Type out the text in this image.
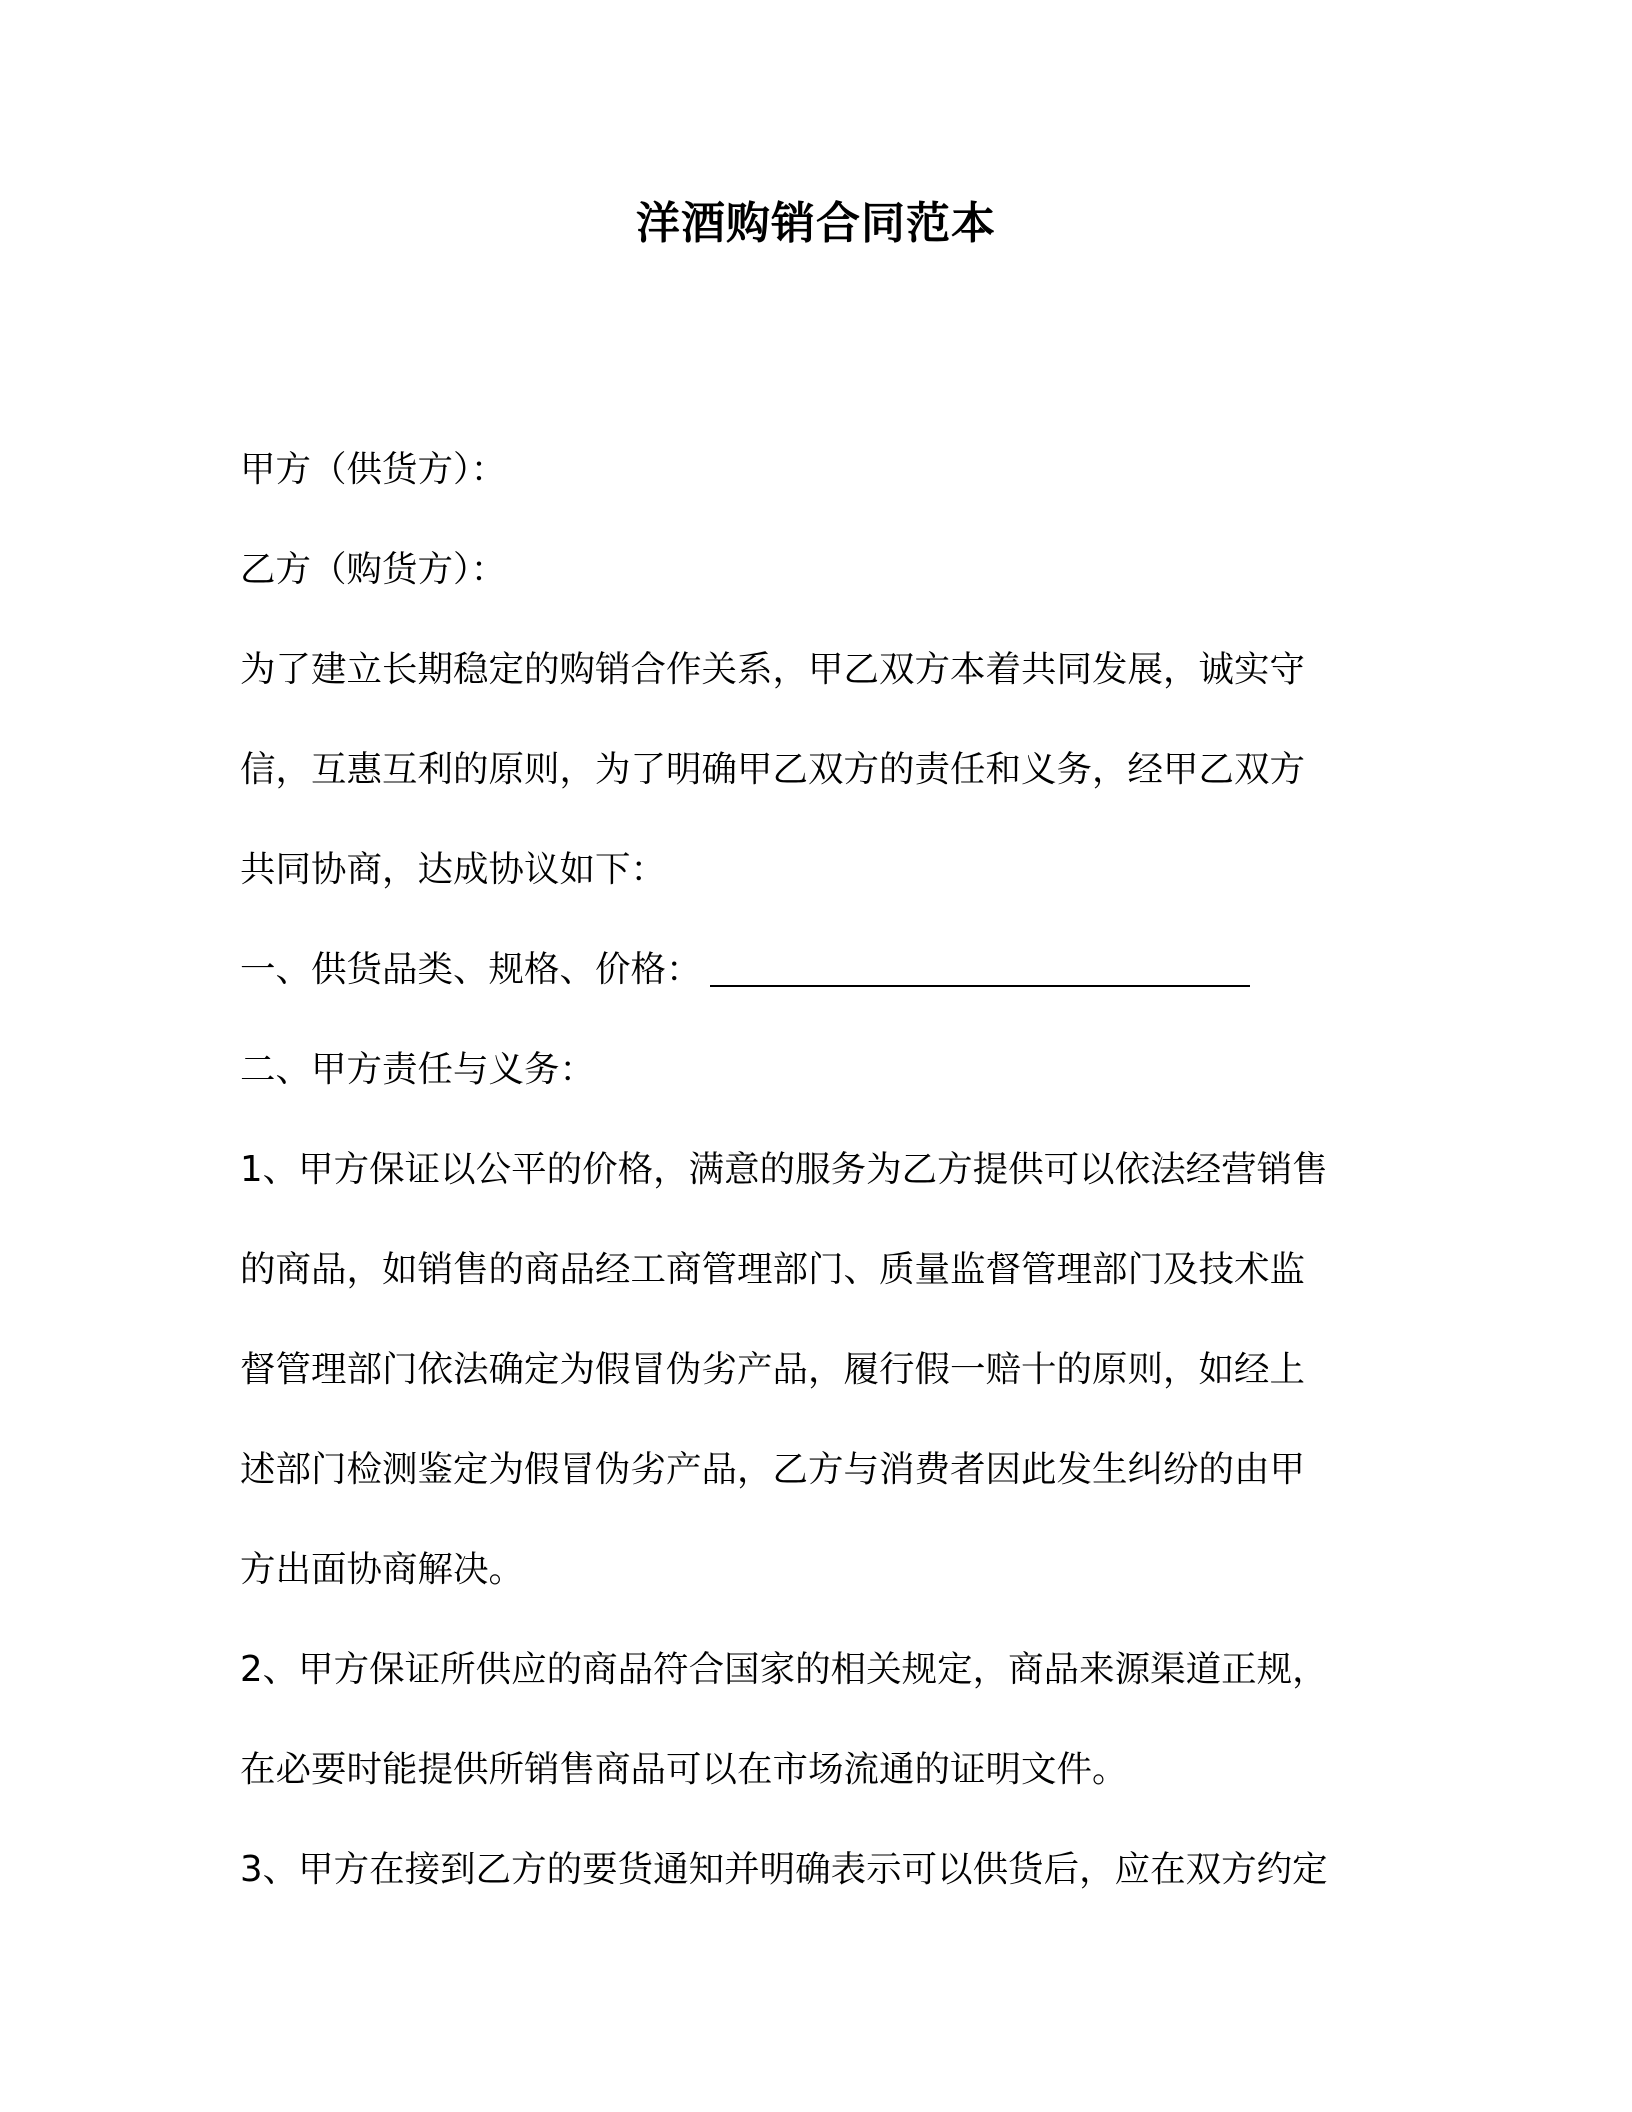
洋酒购销合同范本

甲方（供货方）：

乙方（购货方）：

为了建立长期稳定的购销合作关系，甲乙双方本着共同发展，诚实守

信，互惠互利的原则，为了明确甲乙双方的责任和义务，经甲乙双方

共同协商，达成协议如下：

一、供货品类、规格、价格：

二、甲方责任与义务：

1、甲方保证以公平的价格，满意的服务为乙方提供可以依法经营销售

的商品，如销售的商品经工商管理部门、质量监督管理部门及技术监

督管理部门依法确定为假冒伪劣产品，履行假一赔十的原则，如经上

述部门检测鉴定为假冒伪劣产品，乙方与消费者因此发生纠纷的由甲

方出面协商解决。

2、甲方保证所供应的商品符合国家的相关规定，商品来源渠道正规，

在必要时能提供所销售商品可以在市场流通的证明文件。

3、甲方在接到乙方的要货通知并明确表示可以供货后，应在双方约定
